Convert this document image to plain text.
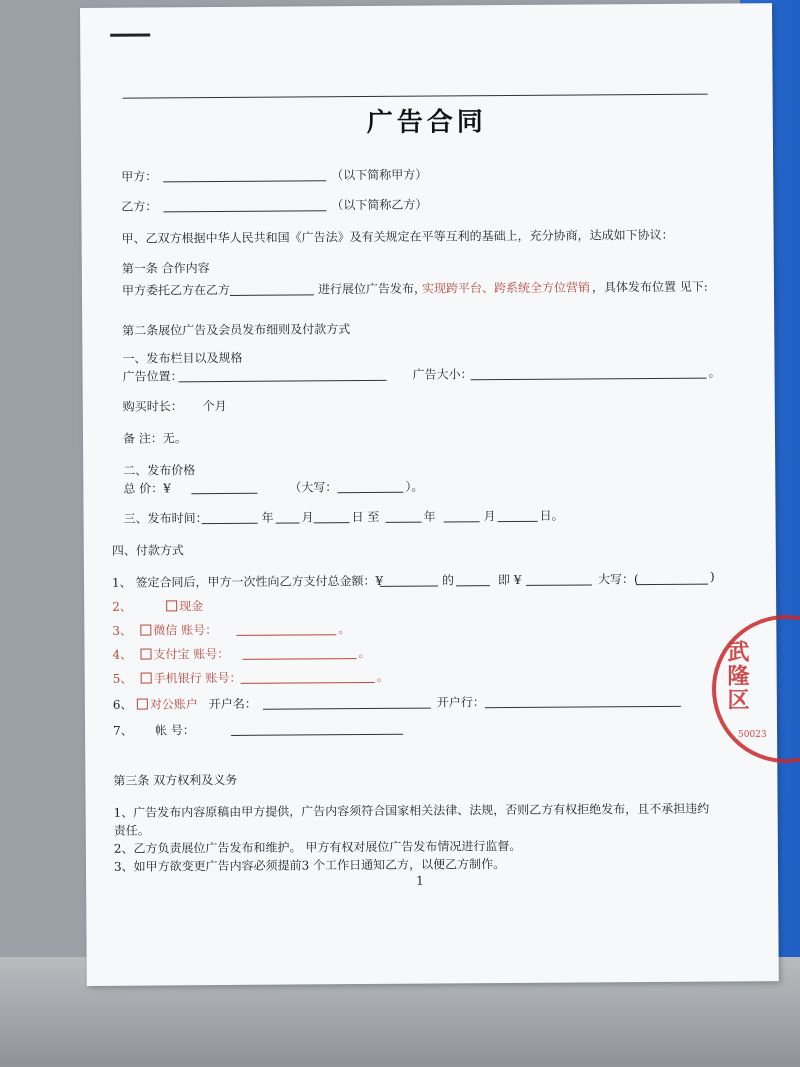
广告合同
甲方：	（以下简称甲方）
乙方：	（以下简称乙方）
甲、乙双方根据中华人民共和国《广告法》及有关规定在平等互利的基础上，充分协商，达成如下协议：
第一条 合作内容
甲方委托乙方在乙方	进行展位广告发布，
实现跨平台、跨系统全方位营销 ，具体发布位置 见下:
第二条展位广告及会员发布细则及付款方式
一、发布栏目以及规格
广告位置：	广告大小：	。
购买时长： 个月
备 注：无。
二、发布价格
总 价：¥	（大写：	）。
三、发布时间：	年 月	日 至	年	月	日。
四、付款方式
1、 签定合同后，甲方一次性向乙方支付总金额：¥	的	即 ¥	大写：(	)
2、	现金
3、	微信 账号：	。
4、	支付宝 账号：	。
5、	手机银行 账号：	。
6、	对公账户 开户名：	开户行：
7、 帐 号：
第三条 双方权利及义务
1、广告发布内容原稿由甲方提供，广告内容须符合国家相关法律、法规，否则乙方有权拒绝发布，且不承担违约
责任。
2、乙方负责展位广告发布和维护。 甲方有权对展位广告发布情况进行监督。
3、如甲方欲变更广告内容必须提前3 个工作日通知乙方，以便乙方制作。
1
武隆区
50023
